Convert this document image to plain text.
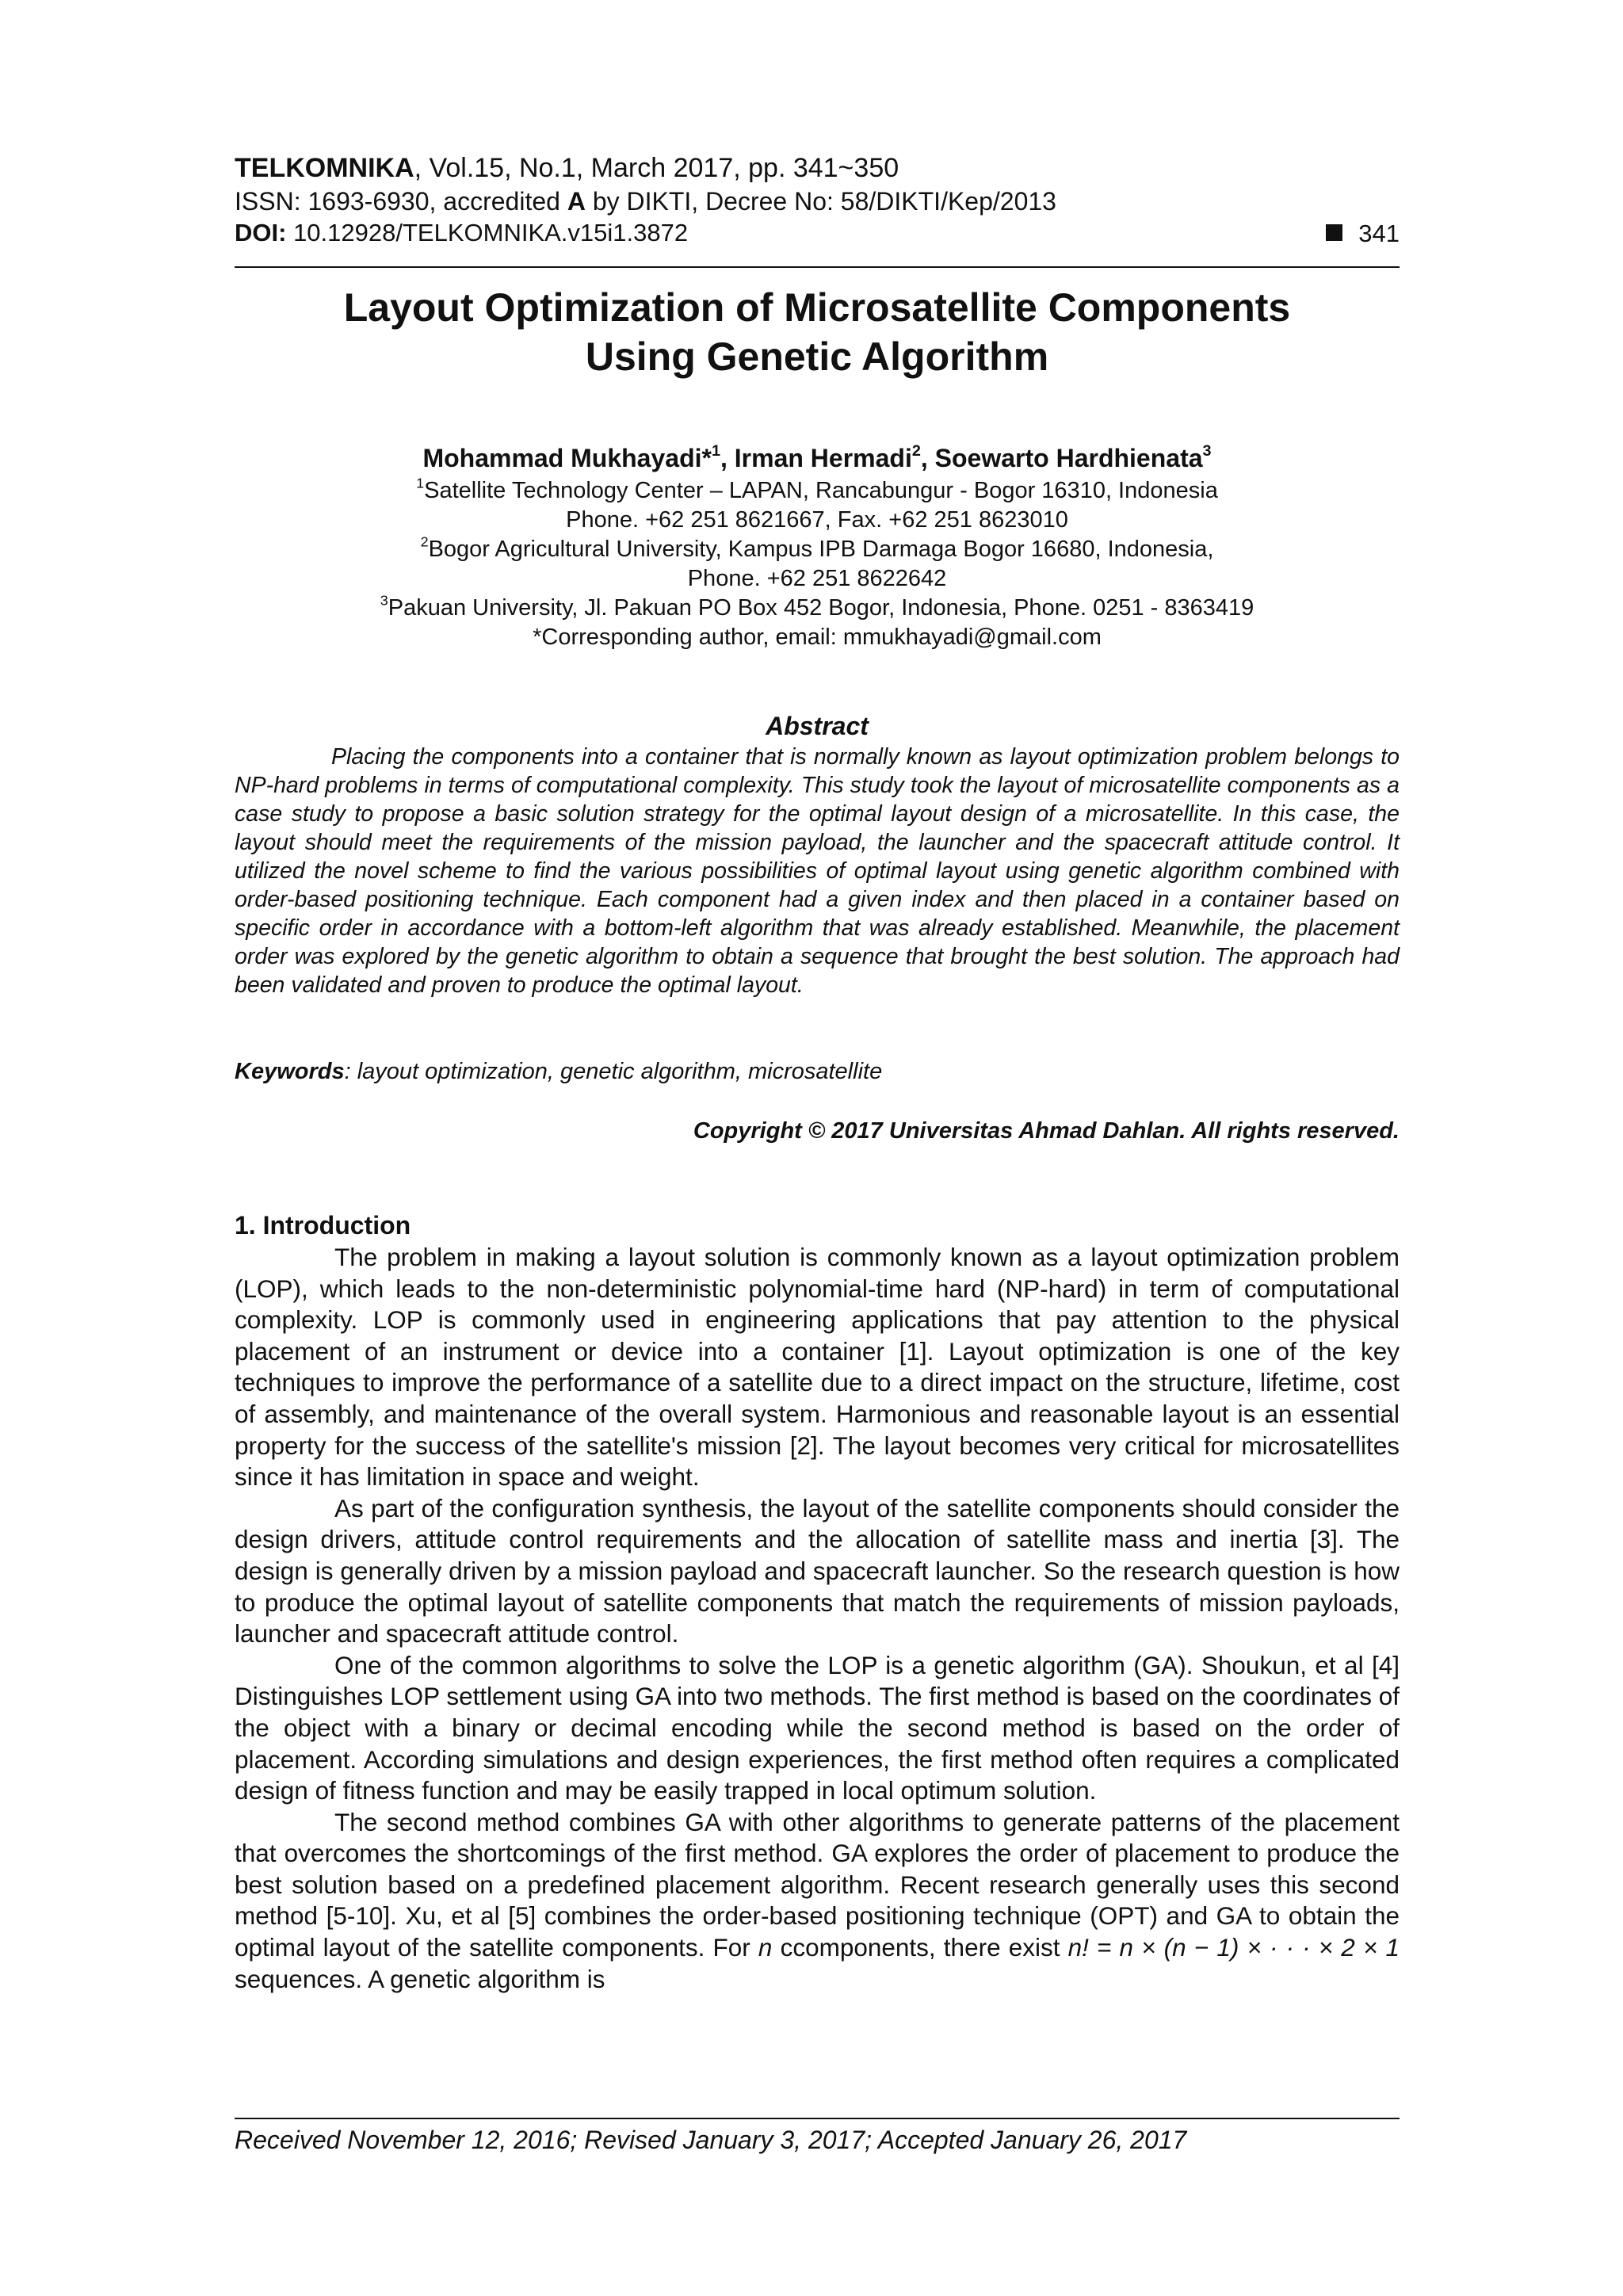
TELKOMNIKA, Vol.15, No.1, March 2017, pp. 341~350
ISSN: 1693-6930, accredited A by DIKTI, Decree No: 58/DIKTI/Kep/2013
DOI: 10.12928/TELKOMNIKA.v15i1.3872	341
Layout Optimization of Microsatellite Components
Using Genetic Algorithm
Mohammad Mukhayadi*$^1$, Irman Hermadi$^2$, Soewarto Hardhienata$^3$
$^1$Satellite Technology Center – LAPAN, Rancabungur - Bogor 16310, Indonesia
Phone. +62 251 8621667, Fax. +62 251 8623010
$^2$Bogor Agricultural University, Kampus IPB Darmaga Bogor 16680, Indonesia,
Phone. +62 251 8622642
$^3$Pakuan University, Jl. Pakuan PO Box 452 Bogor, Indonesia, Phone. 0251 - 8363419
*Corresponding author, email: mmukhayadi@gmail.com
Abstract
Placing the components into a container that is normally known as layout optimization problem belongs to NP-hard problems in terms of computational complexity. This study took the layout of microsatellite components as a case study to propose a basic solution strategy for the optimal layout design of a microsatellite. In this case, the layout should meet the requirements of the mission payload, the launcher and the spacecraft attitude control. It utilized the novel scheme to find the various possibilities of optimal layout using genetic algorithm combined with order-based positioning technique. Each component had a given index and then placed in a container based on specific order in accordance with a bottom-left algorithm that was already established. Meanwhile, the placement order was explored by the genetic algorithm to obtain a sequence that brought the best solution. The approach had been validated and proven to produce the optimal layout.
Keywords: layout optimization, genetic algorithm, microsatellite
Copyright © 2017 Universitas Ahmad Dahlan. All rights reserved.
1. Introduction

The problem in making a layout solution is commonly known as a layout optimization problem (LOP), which leads to the non-deterministic polynomial-time hard (NP-hard) in term of computational complexity. LOP is commonly used in engineering applications that pay attention to the physical placement of an instrument or device into a container [1]. Layout optimization is one of the key techniques to improve the performance of a satellite due to a direct impact on the structure, lifetime, cost of assembly, and maintenance of the overall system. Harmonious and reasonable layout is an essential property for the success of the satellite's mission [2]. The layout becomes very critical for microsatellites since it has limitation in space and weight.

As part of the configuration synthesis, the layout of the satellite components should consider the design drivers, attitude control requirements and the allocation of satellite mass and inertia [3]. The design is generally driven by a mission payload and spacecraft launcher. So the research question is how to produce the optimal layout of satellite components that match the requirements of mission payloads, launcher and spacecraft attitude control.

One of the common algorithms to solve the LOP is a genetic algorithm (GA). Shoukun, et al [4] Distinguishes LOP settlement using GA into two methods. The first method is based on the coordinates of the object with a binary or decimal encoding while the second method is based on the order of placement. According simulations and design experiences, the first method often requires a complicated design of fitness function and may be easily trapped in local optimum solution.

The second method combines GA with other algorithms to generate patterns of the placement that overcomes the shortcomings of the first method. GA explores the order of placement to produce the best solution based on a predefined placement algorithm. Recent research generally uses this second method [5-10]. Xu, et al [5] combines the order-based positioning technique (OPT) and GA to obtain the optimal layout of the satellite components. For n ccomponents, there exist n! = n × (n − 1) × · · · × 2 × 1 sequences. A genetic algorithm is

Received November 12, 2016; Revised January 3, 2017; Accepted January 26, 2017
